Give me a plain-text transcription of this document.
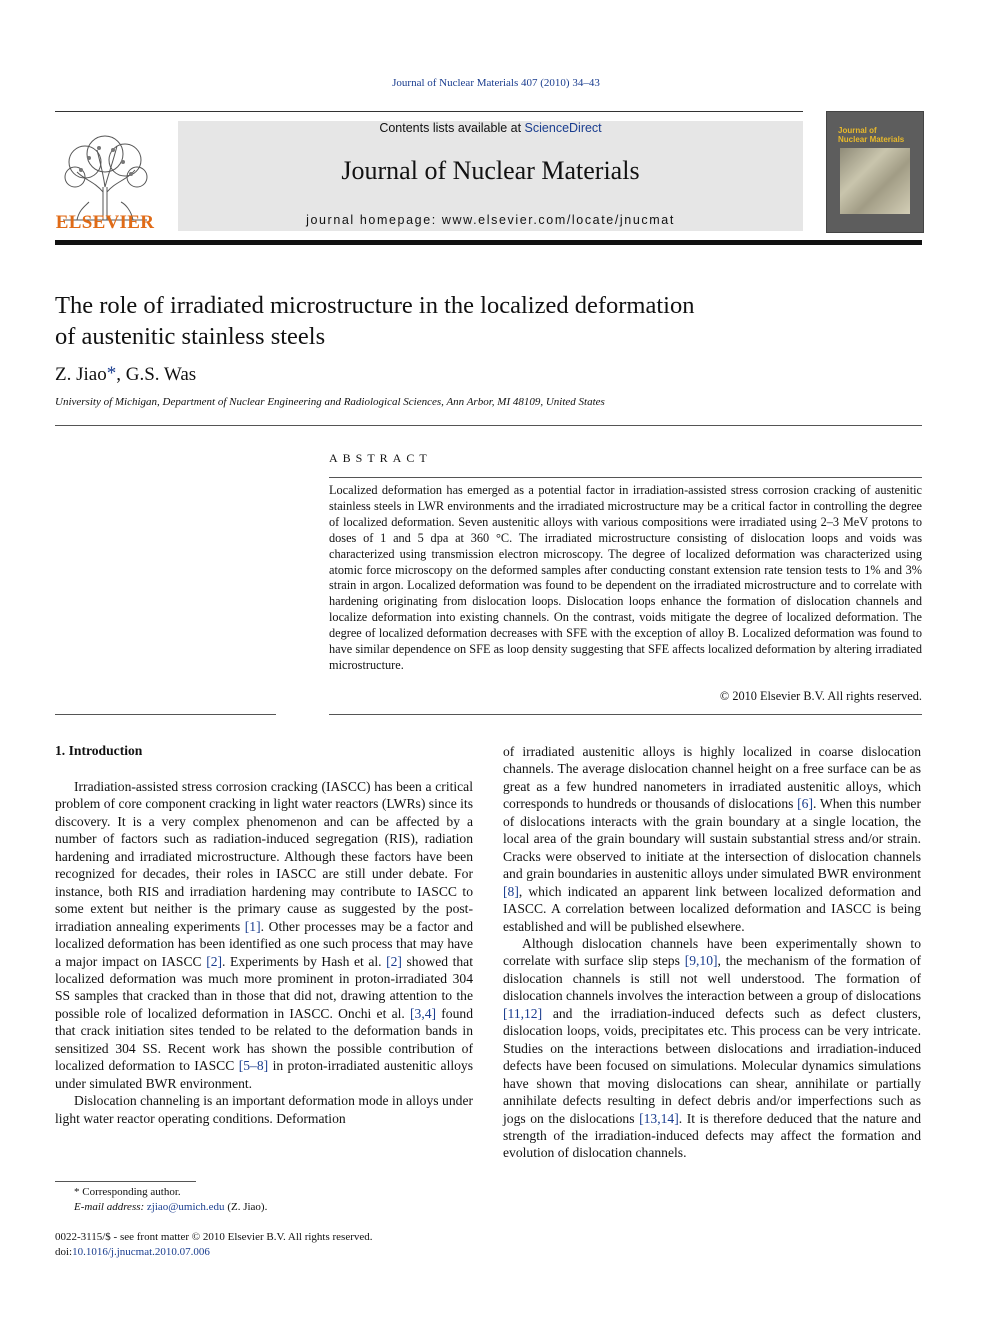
Journal of Nuclear Materials 407 (2010) 34–43
ELSEVIER
Contents lists available at ScienceDirect
Journal of Nuclear Materials
journal homepage: www.elsevier.com/locate/jnucmat
Journal of
Nuclear Materials
The role of irradiated microstructure in the localized deformation
of austenitic stainless steels
Z. Jiao*, G.S. Was
University of Michigan, Department of Nuclear Engineering and Radiological Sciences, Ann Arbor, MI 48109, United States
ABSTRACT
Localized deformation has emerged as a potential factor in irradiation-assisted stress corrosion cracking of austenitic stainless steels in LWR environments and the irradiated microstructure may be a critical factor in controlling the degree of localized deformation. Seven austenitic alloys with various compositions were irradiated using 2–3 MeV protons to doses of 1 and 5 dpa at 360 °C. The irradiated microstructure consisting of dislocation loops and voids was characterized using transmission electron microscopy. The degree of localized deformation was characterized using atomic force microscopy on the deformed samples after conducting constant extension rate tension tests to 1% and 3% strain in argon. Localized deformation was found to be dependent on the irradiated microstructure and to correlate with hardening originating from dislocation loops. Dislocation loops enhance the formation of dislocation channels and localize deformation into existing channels. On the contrast, voids mitigate the degree of localized deformation. The degree of localized deformation decreases with SFE with the exception of alloy B. Localized deformation was found to have similar dependence on SFE as loop density suggesting that SFE affects localized deformation by altering irradiated microstructure.
© 2010 Elsevier B.V. All rights reserved.
1. Introduction

Irradiation-assisted stress corrosion cracking (IASCC) has been a critical problem of core component cracking in light water reactors (LWRs) since its discovery. It is a very complex phenomenon and can be affected by a number of factors such as radiation-induced segregation (RIS), radiation hardening and irradiated microstructure. Although these factors have been recognized for decades, their roles in IASCC are still under debate. For instance, both RIS and irradiation hardening may contribute to IASCC to some extent but neither is the primary cause as suggested by the post-irradiation annealing experiments [1]. Other processes may be a factor and localized deformation has been identified as one such process that may have a major impact on IASCC [2]. Experiments by Hash et al. [2] showed that localized deformation was much more prominent in proton-irradiated 304 SS samples that cracked than in those that did not, drawing attention to the possible role of localized deformation in IASCC. Onchi et al. [3,4] found that crack initiation sites tended to be related to the deformation bands in sensitized 304 SS. Recent work has shown the possible contribution of localized deformation to IASCC [5–8] in proton-irradiated austenitic alloys under simulated BWR environment.

Dislocation channeling is an important deformation mode in alloys under light water reactor operating conditions. Deformation

of irradiated austenitic alloys is highly localized in coarse dislocation channels. The average dislocation channel height on a free surface can be as great as a few hundred nanometers in irradiated austenitic alloys, which corresponds to hundreds or thousands of dislocations [6]. When this number of dislocations interacts with the grain boundary at a single location, the local area of the grain boundary will sustain substantial stress and/or strain. Cracks were observed to initiate at the intersection of dislocation channels and grain boundaries in austenitic alloys under simulated BWR environment [8], which indicated an apparent link between localized deformation and IASCC. A correlation between localized deformation and IASCC is being established and will be published elsewhere.

Although dislocation channels have been experimentally shown to correlate with surface slip steps [9,10], the mechanism of the formation of dislocation channels is still not well understood. The formation of dislocation channels involves the interaction between a group of dislocations [11,12] and the irradiation-induced defects such as defect clusters, dislocation loops, voids, precipitates etc. This process can be very intricate. Studies on the interactions between dislocations and irradiation-induced defects have been focused on simulations. Molecular dynamics simulations have shown that moving dislocations can shear, annihilate or partially annihilate defects resulting in defect debris and/or imperfections such as jogs on the dislocations [13,14]. It is therefore deduced that the nature and strength of the irradiation-induced defects may affect the formation and evolution of dislocation channels.

* Corresponding author.
E-mail address: zjiao@umich.edu (Z. Jiao).
0022-3115/$ - see front matter © 2010 Elsevier B.V. All rights reserved.
doi:10.1016/j.jnucmat.2010.07.006
